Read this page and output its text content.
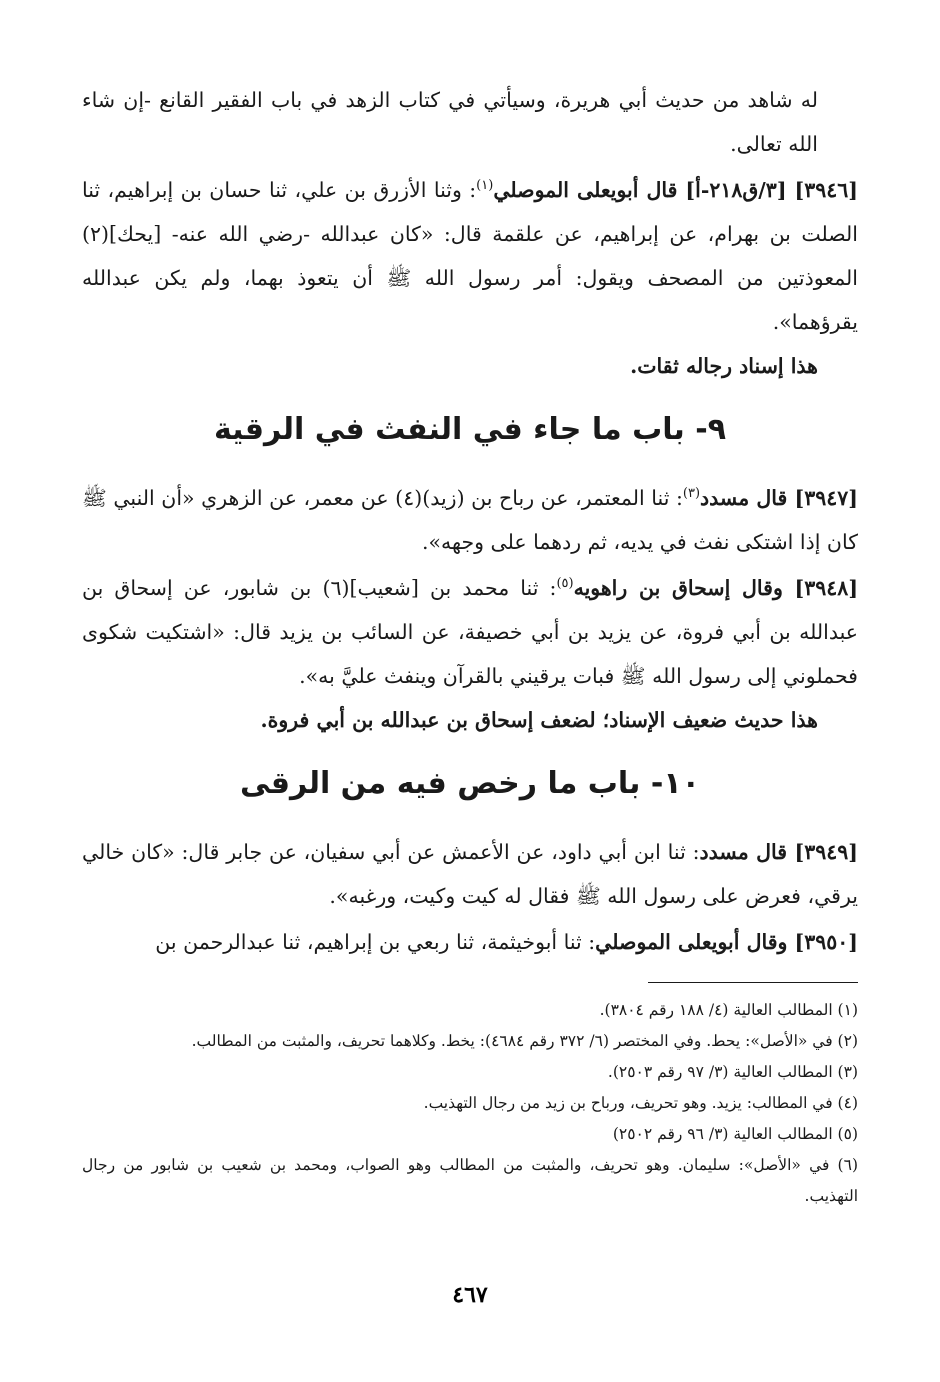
له شاهد من حديث أبي هريرة، وسيأتي في كتاب الزهد في باب الفقير القانع -إن شاء الله تعالى.

[٣٩٤٦] [٣/ق٢١٨-أ] قال أبويعلى الموصلي$^{(١)}$: وثنا الأزرق بن علي، ثنا حسان بن إبراهيم، ثنا الصلت بن بهرام، عن إبراهيم، عن علقمة قال: «كان عبدالله -رضي الله عنه- [يحك](٢) المعوذتين من المصحف ويقول: أمر رسول الله ﷺ أن يتعوذ بهما، ولم يكن عبدالله يقرؤهما».

هذا إسناد رجاله ثقات.

٩- باب ما جاء في النفث في الرقية

[٣٩٤٧] قال مسدد$^{(٣)}$: ثنا المعتمر، عن رباح بن (زيد)(٤) عن معمر، عن الزهري «أن النبي ﷺ كان إذا اشتكى نفث في يديه، ثم ردهما على وجهه».

[٣٩٤٨] وقال إسحاق بن راهويه$^{(٥)}$: ثنا محمد بن [شعيب](٦) بن شابور، عن إسحاق بن عبدالله بن أبي فروة، عن يزيد بن أبي خصيفة، عن السائب بن يزيد قال: «اشتكيت شكوى فحملوني إلى رسول الله ﷺ فبات يرقيني بالقرآن وينفث عليَّ به».

هذا حديث ضعيف الإسناد؛ لضعف إسحاق بن عبدالله بن أبي فروة.

١٠- باب ما رخص فيه من الرقى

[٣٩٤٩] قال مسدد: ثنا ابن أبي داود، عن الأعمش عن أبي سفيان، عن جابر قال: «كان خالي يرقي، فعرض على رسول الله ﷺ فقال له كيت وكيت، ورغبه».

[٣٩٥٠] وقال أبويعلى الموصلي: ثنا أبوخيثمة، ثنا ربعي بن إبراهيم، ثنا عبدالرحمن بن

(١) المطالب العالية (٤/ ١٨٨ رقم ٣٨٠٤).

(٢) في «الأصل»: يحط. وفي المختصر (٦/ ٣٧٢ رقم ٤٦٨٤): يخط. وكلاهما تحريف، والمثبت من المطالب.

(٣) المطالب العالية (٣/ ٩٧ رقم ٢٥٠٣).

(٤) في المطالب: يزيد. وهو تحريف، ورباح بن زيد من رجال التهذيب.

(٥) المطالب العالية (٣/ ٩٦ رقم ٢٥٠٢)

(٦) في «الأصل»: سليمان. وهو تحريف، والمثبت من المطالب وهو الصواب، ومحمد بن شعيب بن شابور من رجال التهذيب.

٤٦٧
